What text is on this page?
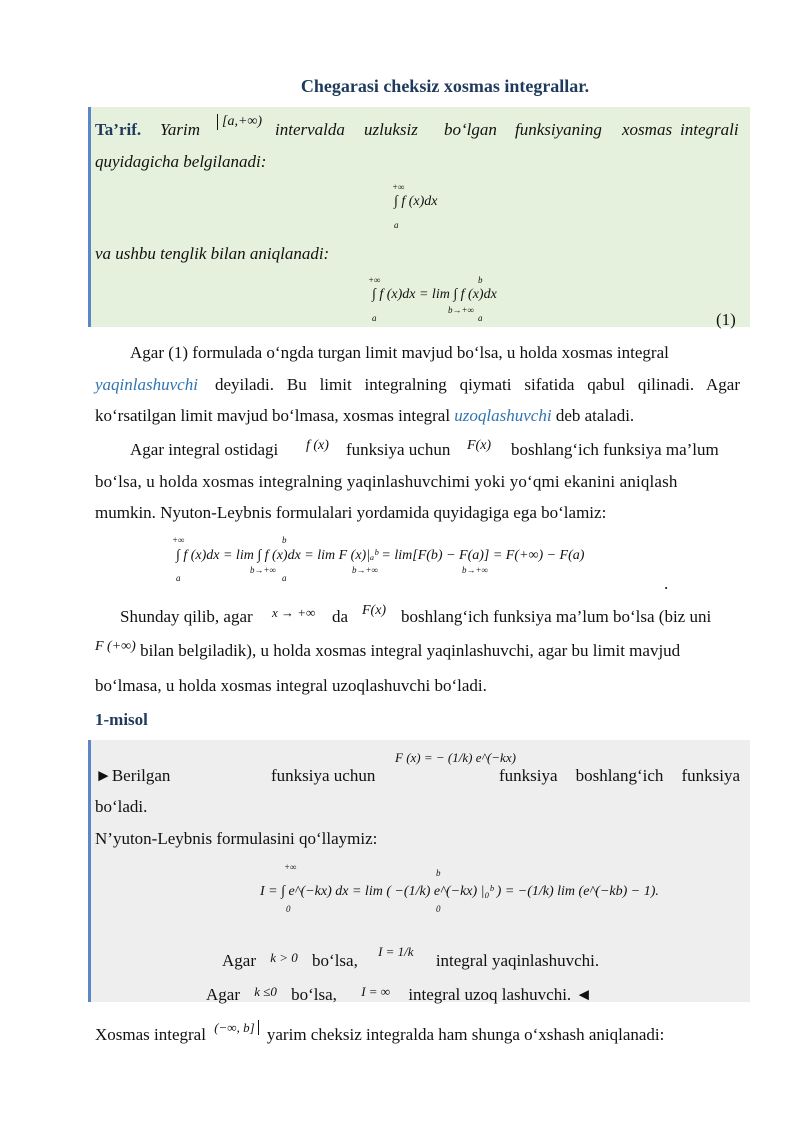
Chegarasi cheksiz xosmas integrallar.
Ta’rif. Yarim	[a,+∞) intervalda uzluksiz bo‘lgan funksiyaning xosmas integrali
quyidagicha belgilanadi:
+∞
∫ f (x)dx
a
va ushbu tenglik bilan aniqlanadi:
+∞	b
∫ f (x)dx = lim ∫ f (x)dx
a
b→+∞
a	(1)
Agar (1) formulada o‘ngda turgan limit mavjud bo‘lsa, u holda xosmas integral
yaqinlashuvchi deyiladi. Bu limit integralning qiymati sifatida qabul qilinadi. Agar
ko‘rsatilgan limit mavjud bo‘lmasa, xosmas integral uzoqlashuvchi deb ataladi.
Agar integral ostidagi f (x) funksiya uchun F(x) boshlang‘ich funksiya ma’lum
bo‘lsa, u holda xosmas integralning yaqinlashuvchimi yoki yo‘qmi ekanini aniqlash
mumkin. Nyuton-Leybnis formulalari yordamida quyidagiga ega bo‘lamiz:
+∞	b
∫ f (x)dx = lim ∫ f (x)dx = lim F (x)|ₐᵇ = lim[F(b) − F(a)] = F(+∞) − F(a)
a
b→+∞
a
b→+∞	b→+∞
.
Shunday qilib, agar x → +∞ da F(x) boshlang‘ich funksiya ma’lum bo‘lsa (biz uni
$^{F (+\infty)}$ bilan belgiladik), u holda xosmas integral yaqinlashuvchi, agar bu limit mavjud
bo‘lmasa, u holda xosmas integral uzoqlashuvchi bo‘ladi.
1-misol
►Berilgan	funksiya uchun
F (x) = − (1/k) e^(−kx)
funksiya boshlang‘ich funksiya
bo‘ladi.
N’yuton-Leybnis formulasini qo‘llaymiz:
+∞
I = ∫ e^(−kx) dx = lim ( −(1/k) e^(−kx) |₀ᵇ ) = −(1/k) lim (e^(−kb) − 1).
0
b
0
Agar $^{k > 0}$ bo‘lsa, $^{I = 1/k}$ integral yaqinlashuvchi.
Agar $^{k \le 0}$ bo‘lsa, $^{I = \infty}$ integral uzoq lashuvchi. ◄
Xosmas integral $^{(-\infty, b]}$ yarim cheksiz integralda ham shunga o‘xshash aniqlanadi:
